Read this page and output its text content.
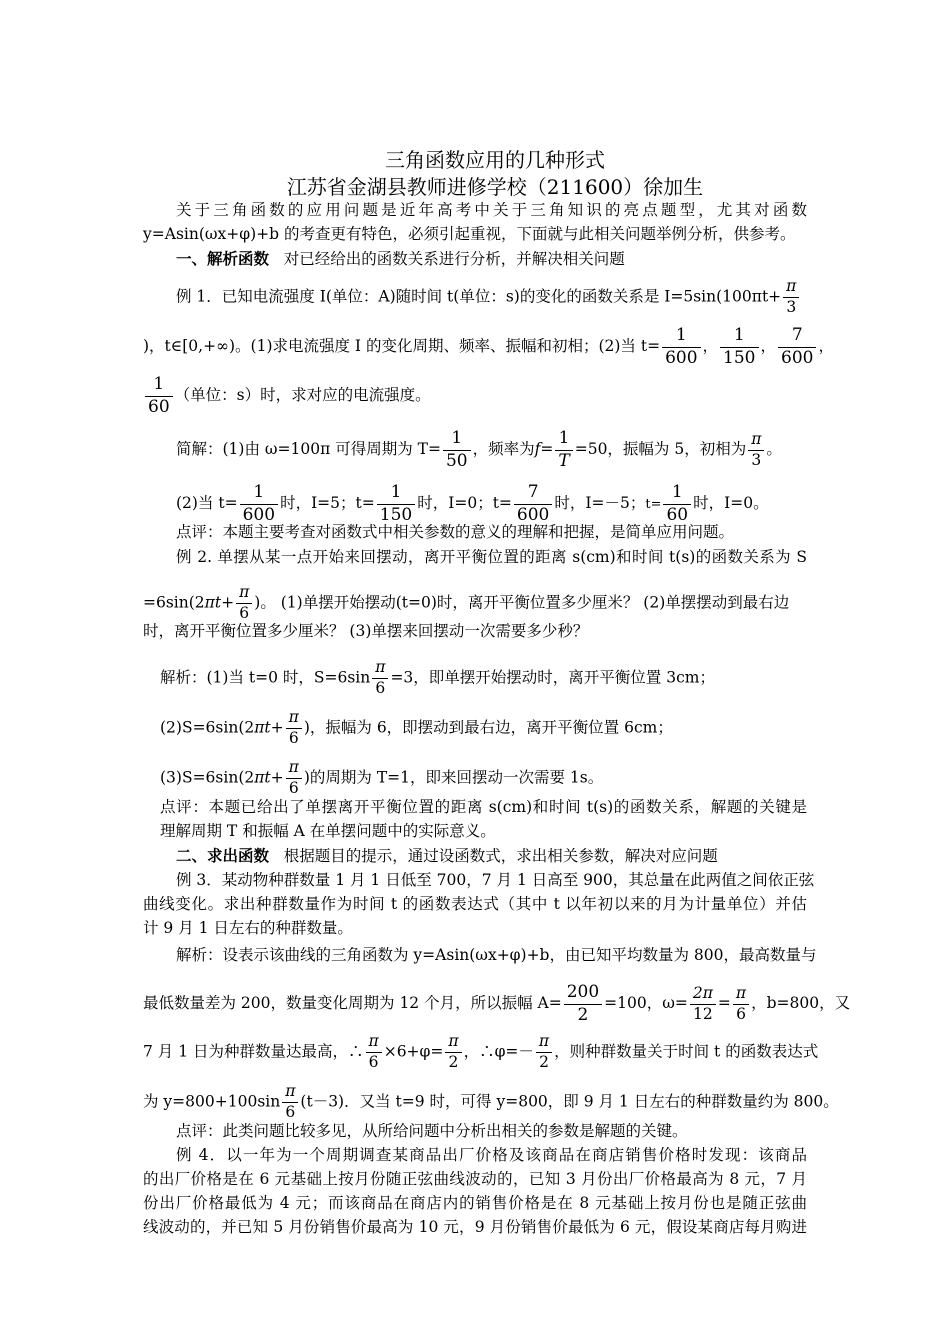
三角函数应用的几种形式
江苏省金湖县教师进修学校（211600）徐加生
关于三角函数的应用问题是近年高考中关于三角知识的亮点题型，尤其对函数
y=Asin(ωx+φ)+b 的考查更有特色，必须引起重视，下面就与此相关问题举例分析，供参考。
一、解析函数 对已经给出的函数关系进行分析，并解决相关问题
例 1．已知电流强度 I(单位：A)随时间 t(单位：s)的变化的函数关系是 $I=5\sin(100\pi t+ \frac{\pi}{3}$
)，t∈[0,+∞)。(1)求电流强度 I 的变化周期、频率、振幅和初相；(2)当 $t= \frac{1}{600}$ ， $\frac{1}{150}$ ， $\frac{7}{600}$ ，
$\frac{1}{60}$ （单位：s）时，求对应的电流强度。
简解：(1)由 ω=100π 可得周期为 $T= \frac{1}{50}$ ，频率为$f= \frac{1}{T} =50$，振幅为 5，初相为 $\frac{\pi}{3}$ 。
(2)当 $t= \frac{1}{600}$ 时，I=5；$t= \frac{1}{150}$ 时，I=0；$t= \frac{7}{600}$ 时，I=－5；$t= \frac{1}{60}$ 时，I=0。
点评：本题主要考查对函数式中相关参数的意义的理解和把握，是简单应用问题。
例 2. 单摆从某一点开始来回摆动，离开平衡位置的距离 s(cm)和时间 t(s)的函数关系为 S
$=6\sin(2\pi t+ \frac{\pi}{6}$ )。 (1)单摆开始摆动(t=0)时，离开平衡位置多少厘米？ (2)单摆摆动到最右边
时，离开平衡位置多少厘米？ (3)单摆来回摆动一次需要多少秒？
解析：(1)当 t=0 时，$S=6\sin \frac{\pi}{6} =3$，即单摆开始摆动时，离开平衡位置 3cm；
$(2)S=6\sin(2\pi t+ \frac{\pi}{6}$ )，振幅为 6，即摆动到最右边，离开平衡位置 6cm；
$(3)S=6\sin(2\pi t+ \frac{\pi}{6}$ )的周期为 T=1，即来回摆动一次需要 1s。
点评：本题已给出了单摆离开平衡位置的距离 s(cm)和时间 t(s)的函数关系，解题的关键是
理解周期 T 和振幅 A 在单摆问题中的实际意义。
二、求出函数 根据题目的提示，通过设函数式，求出相关参数，解决对应问题
例 3．某动物种群数量 1 月 1 日低至 700，7 月 1 日高至 900，其总量在此两值之间依正弦
曲线变化。求出种群数量作为时间 t 的函数表达式（其中 t 以年初以来的月为计量单位）并估
计 9 月 1 日左右的种群数量。
解析：设表示该曲线的三角函数为 y=Asin(ωx+φ)+b，由已知平均数量为 800，最高数量与
最低数量差为 200，数量变化周期为 12 个月，所以振幅 $A= \frac{200}{2} =100$，$\omega= \frac{2\pi}{12} = \frac{\pi}{6}$ ，b=800，又
7 月 1 日为种群数量达最高，∴ $\frac{\pi}{6} \times 6+\varphi= \frac{\pi}{2}$ ，∴φ=－ $\frac{\pi}{2}$ ，则种群数量关于时间 t 的函数表达式
为 $y=800+100\sin \frac{\pi}{6} (t-3)$．又当 t=9 时，可得 y=800，即 9 月 1 日左右的种群数量约为 800。
点评：此类问题比较多见，从所给问题中分析出相关的参数是解题的关键。
例 4．以一年为一个周期调查某商品出厂价格及该商品在商店销售价格时发现：该商品
的出厂价格是在 6 元基础上按月份随正弦曲线波动的，已知 3 月份出厂价格最高为 8 元，7 月
份出厂价格最低为 4 元；而该商品在商店内的销售价格是在 8 元基础上按月份也是随正弦曲
线波动的，并已知 5 月份销售价最高为 10 元，9 月份销售价最低为 6 元，假设某商店每月购进
